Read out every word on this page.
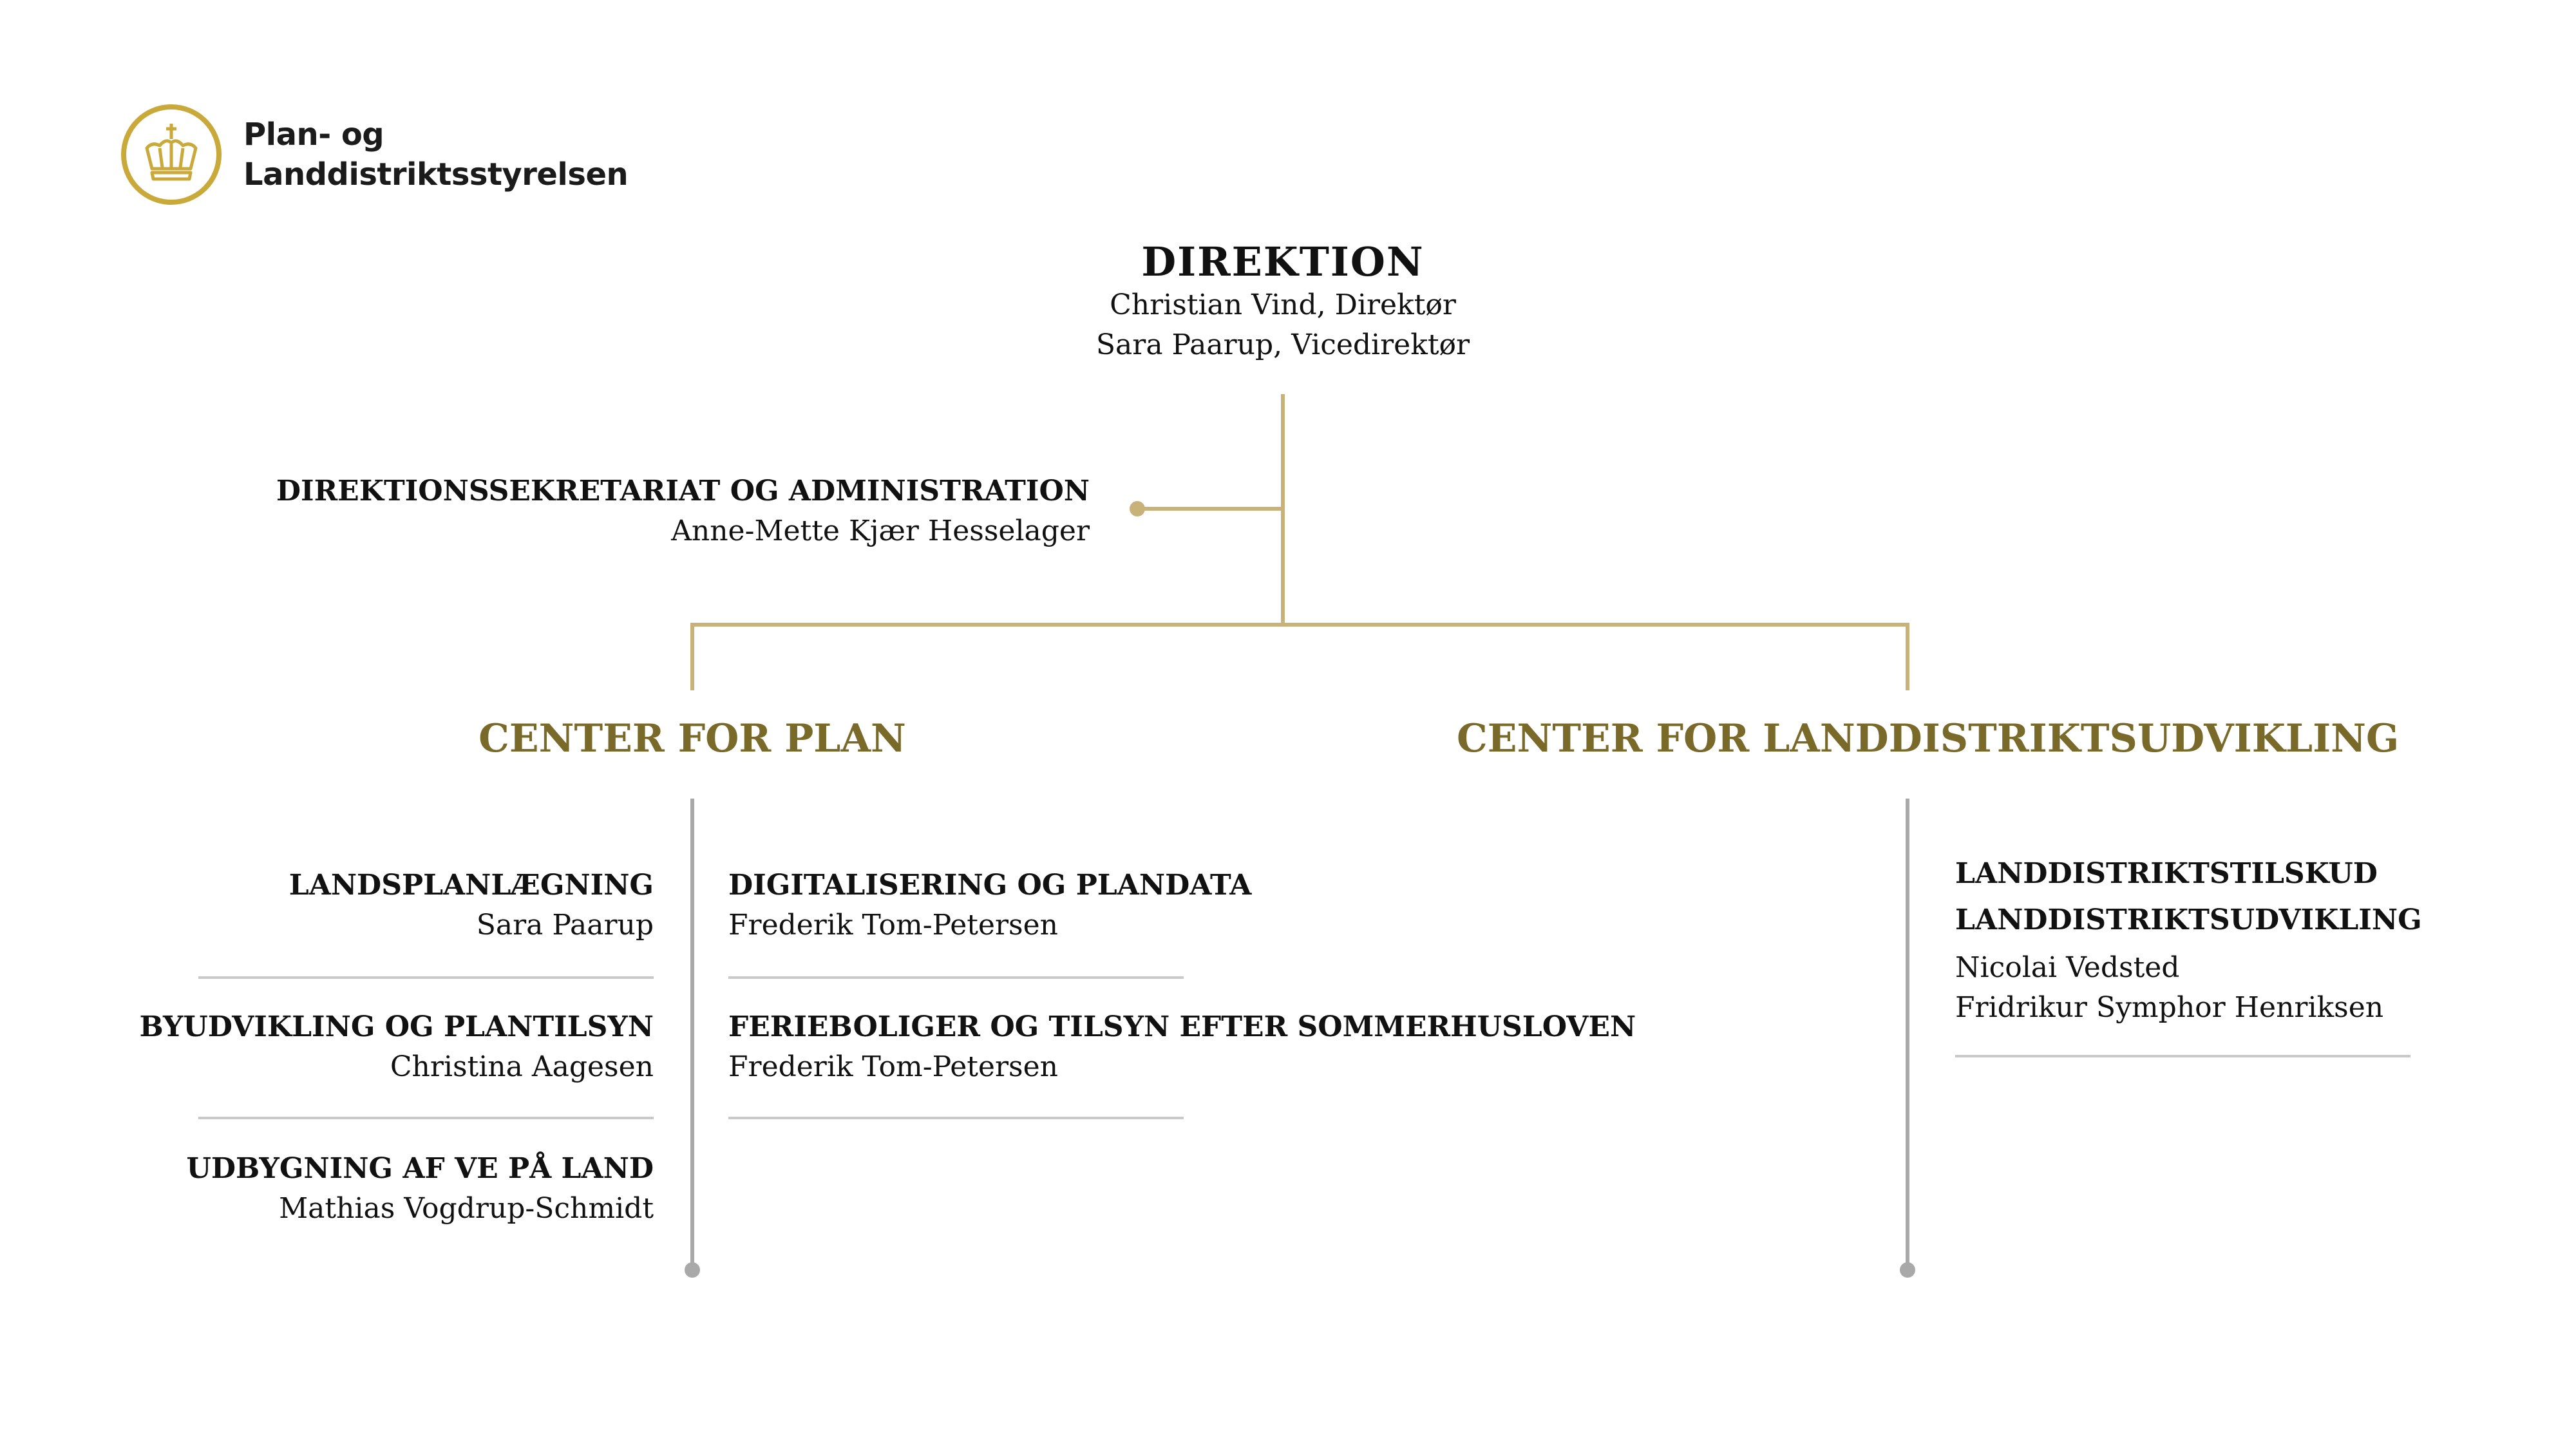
Plan- og
Landdistriktsstyrelsen
DIREKTION
Christian Vind, Direktør
Sara Paarup, Vicedirektør
DIREKTIONSSEKRETARIAT OG ADMINISTRATION
Anne-Mette Kjær Hesselager
CENTER FOR PLAN	CENTER FOR LANDDISTRIKTSUDVIKLING
LANDSPLANLÆGNING
Sara Paarup
BYUDVIKLING OG PLANTILSYN
Christina Aagesen
UDBYGNING AF VE PÅ LAND
Mathias Vogdrup-Schmidt
DIGITALISERING OG PLANDATA
Frederik Tom-Petersen
FERIEBOLIGER OG TILSYN EFTER SOMMERHUSLOVEN
Frederik Tom-Petersen
LANDDISTRIKTSTILSKUD
LANDDISTRIKTSUDVIKLING
Nicolai Vedsted
Fridrikur Symphor Henriksen
